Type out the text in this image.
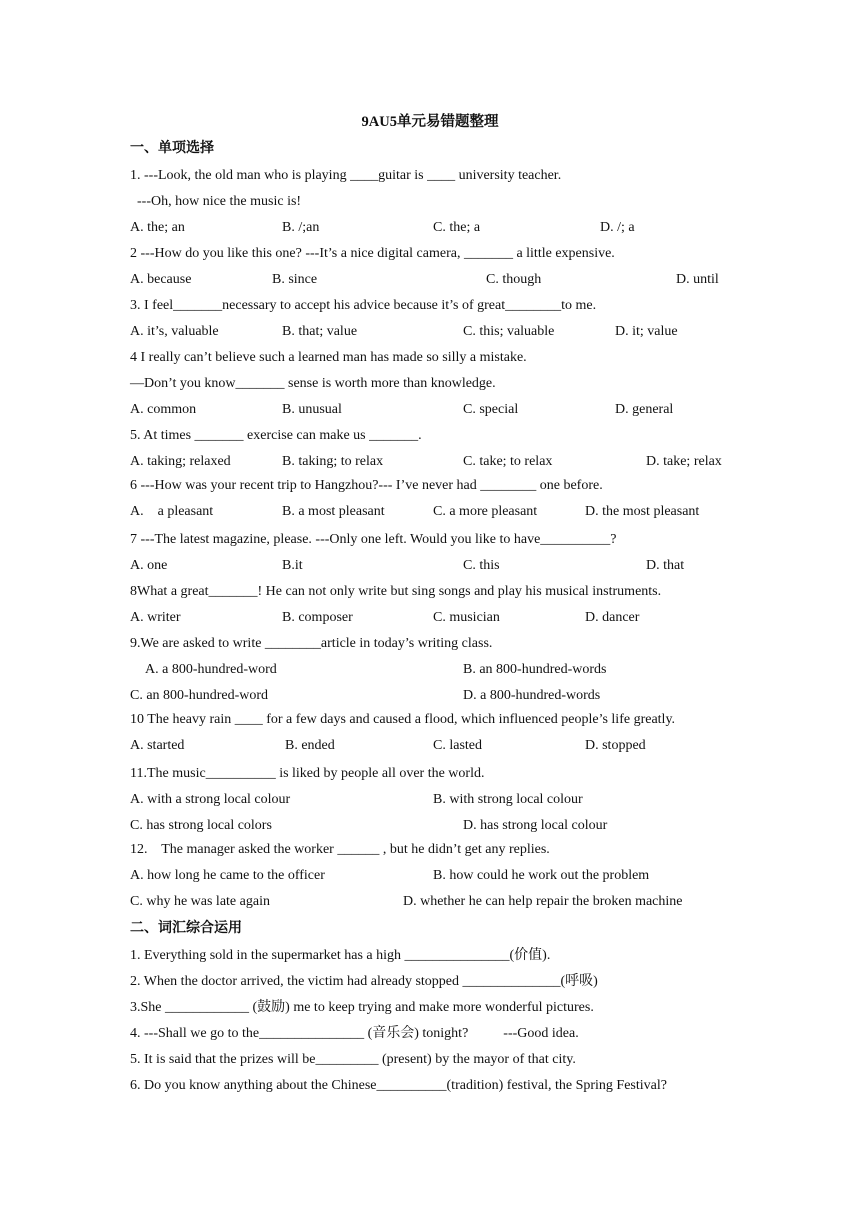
9AU5单元易错题整理
一、单项选择
1. ---Look, the old man who is playing ____guitar is ____ university teacher.
---Oh, how nice the music is!
A. the; an	B. /;an	C. the; a	D. /; a
2 ---How do you like this one? ---It’s a nice digital camera, _______ a little expensive.
A. because	B. since	C. though	D. until
3. I feel_______necessary to accept his advice because it’s of great________to me.
A. it’s, valuable	B. that; value	C. this; valuable	D. it; value
4 I really can’t believe such a learned man has made so silly a mistake.
—Don’t you know_______ sense is worth more than knowledge.
A. common	B. unusual	C. special	D. general
5. At times _______ exercise can make us _______.
A. taking; relaxed	B. taking; to relax	C. take; to relax	D. take; relax
6 ---How was your recent trip to Hangzhou?--- I’ve never had ________ one before.
A.    a pleasant	B. a most pleasant	C. a more pleasant	D. the most pleasant
7 ---The latest magazine, please. ---Only one left. Would you like to have__________?
A. one	B.it	C. this	D. that
8What a great_______! He can not only write but sing songs and play his musical instruments.
A. writer	B. composer	C. musician	D. dancer
9.We are asked to write ________article in today’s writing class.
A. a 800-hundred-word	B. an 800-hundred-words
C. an 800-hundred-word	D. a 800-hundred-words
10 The heavy rain ____ for a few days and caused a flood, which influenced people’s life greatly.
A. started	B. ended	C. lasted	D. stopped
11.The music__________ is liked by people all over the world.
A. with a strong local colour	B. with strong local colour
C. has strong local colors	D. has strong local colour
12.    The manager asked the worker ______ , but he didn’t get any replies.
A. how long he came to the officer	B. how could he work out the problem
C. why he was late again	D. whether he can help repair the broken machine
二、词汇综合运用
1. Everything sold in the supermarket has a high _______________(价值).
2. When the doctor arrived, the victim had already stopped ______________(呼吸)
3.She ____________ (鼓励) me to keep trying and make more wonderful pictures.
4. ---Shall we go to the_______________ (音乐会) tonight?          ---Good idea.
5. It is said that the prizes will be_________ (present) by the mayor of that city.
6. Do you know anything about the Chinese__________(tradition) festival, the Spring Festival?
